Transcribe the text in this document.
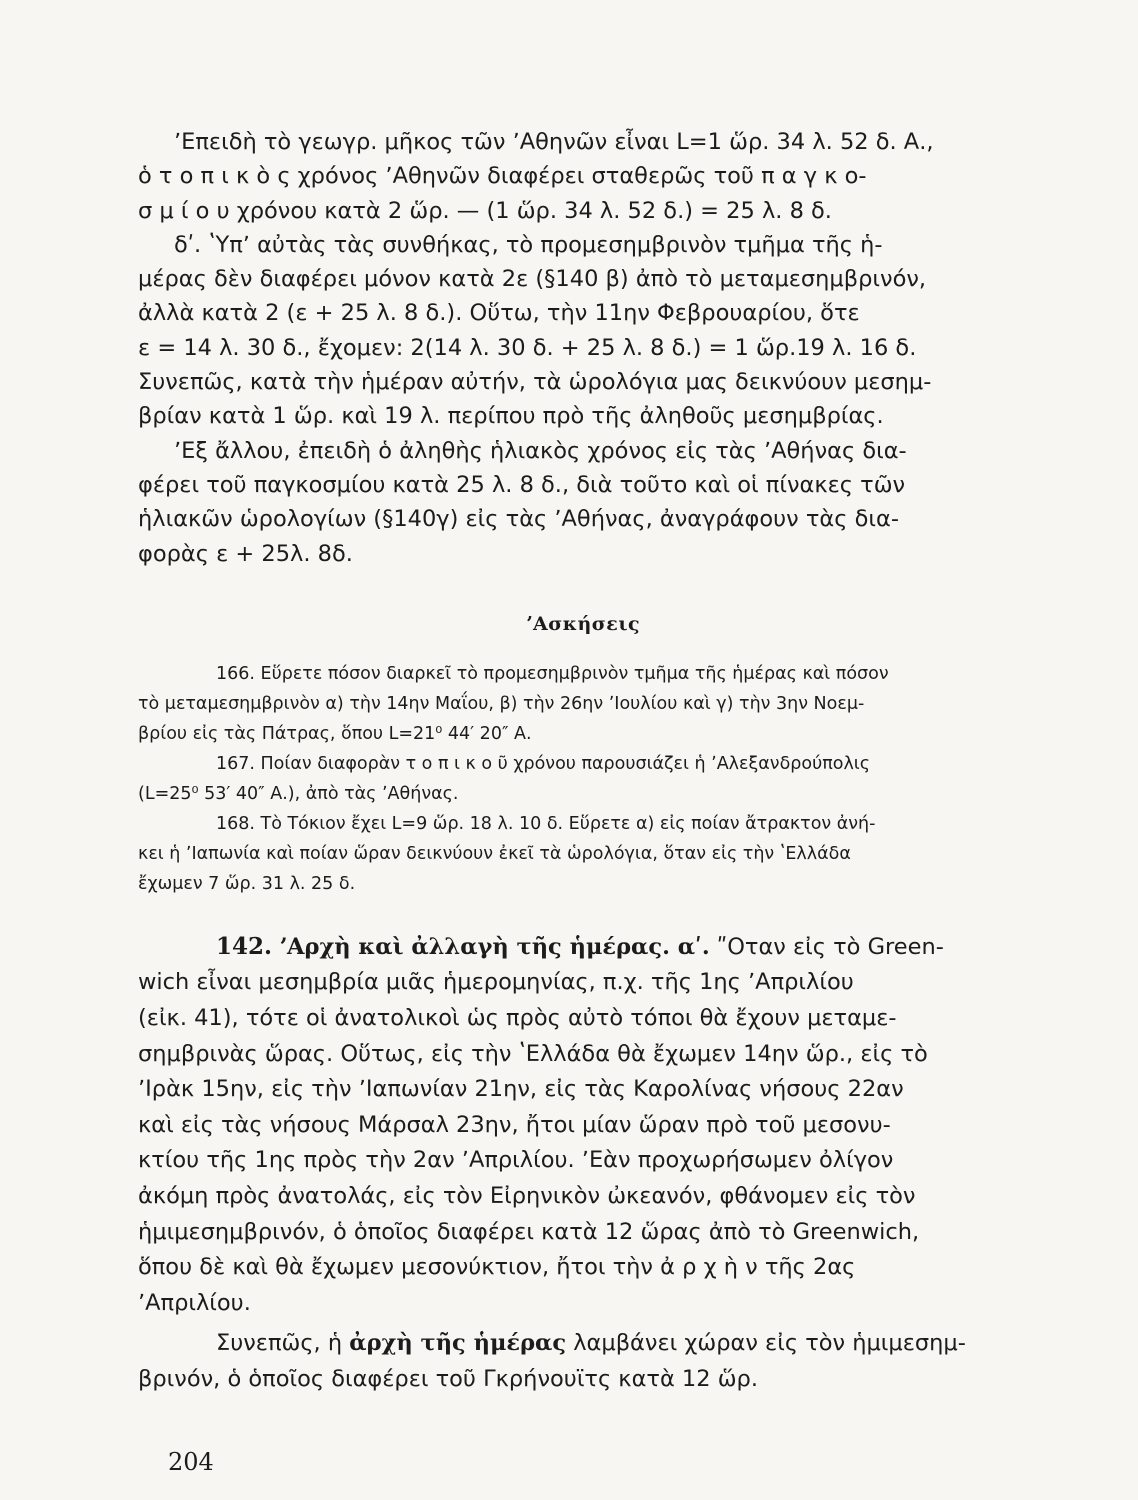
ʼΕπειδὴ τὸ γεωγρ. μῆκος τῶν ʼΑθηνῶν εἶναι L=1 ὥρ. 34 λ. 52 δ. Α.,
ὁ τ ο π ι κ ὸ ς χρόνος ʼΑθηνῶν διαφέρει σταθερῶς τοῦ π α γ κ ο-
σ μ ί ο υ χρόνου κατὰ 2 ὥρ. — (1 ὥρ. 34 λ. 52 δ.) = 25 λ. 8 δ.
δʹ. ʽΥπʼ αὐτὰς τὰς συνθήκας, τὸ προμεσημβρινὸν τμῆμα τῆς ἡ-
μέρας δὲν διαφέρει μόνον κατὰ 2ε (§140 β) ἀπὸ τὸ μεταμεσημβρινόν,
ἀλλὰ κατὰ 2 (ε + 25 λ. 8 δ.). Οὕτω, τὴν 11ην Φεβρουαρίου, ὅτε
ε = 14 λ. 30 δ., ἔχομεν: 2(14 λ. 30 δ. + 25 λ. 8 δ.) = 1 ὥρ.19 λ. 16 δ.
Συνεπῶς, κατὰ τὴν ἡμέραν αὐτήν, τὰ ὡρολόγια μας δεικνύουν μεσημ-
βρίαν κατὰ 1 ὥρ. καὶ 19 λ. περίπου πρὸ τῆς ἀληθοῦς μεσημβρίας.
ʼΕξ ἄλλου, ἐπειδὴ ὁ ἀληθὴς ἡλιακὸς χρόνος εἰς τὰς ʼΑθήνας δια-
φέρει τοῦ παγκοσμίου κατὰ 25 λ. 8 δ., διὰ τοῦτο καὶ οἱ πίνακες τῶν
ἡλιακῶν ὡρολογίων (§140γ) εἰς τὰς ʼΑθήνας, ἀναγράφουν τὰς δια-
φορὰς ε + 25λ. 8δ.

ʼΑσκήσεις

166. Εὕρετε πόσον διαρκεῖ τὸ προμεσημβρινὸν τμῆμα τῆς ἡμέρας καὶ πόσον
τὸ μεταμεσημβρινὸν α) τὴν 14ην Μαΐου, β) τὴν 26ην ʼΙουλίου καὶ γ) τὴν 3ην Νοεμ-
βρίου εἰς τὰς Πάτρας, ὅπου L=21⁰ 44′ 20″ Α.
167. Ποίαν διαφορὰν τ ο π ι κ ο ῦ χρόνου παρουσιάζει ἡ ʼΑλεξανδρούπολις
(L=25⁰ 53′ 40″ Α.), ἀπὸ τὰς ʼΑθήνας.
168. Τὸ Τόκιον ἔχει L=9 ὥρ. 18 λ. 10 δ. Εὕρετε α) εἰς ποίαν ἄτρακτον ἀνή-
κει ἡ ʼΙαπωνία καὶ ποίαν ὥραν δεικνύουν ἐκεῖ τὰ ὡρολόγια, ὅταν εἰς τὴν ʽΕλλάδα
ἔχωμεν 7 ὥρ. 31 λ. 25 δ.

142. ʼΑρχὴ καὶ ἀλλαγὴ τῆς ἡμέρας. αʹ. ʺΟταν εἰς τὸ Green-
wich εἶναι μεσημβρία μιᾶς ἡμερομηνίας, π.χ. τῆς 1ης ʼΑπριλίου
(εἰκ. 41), τότε οἱ ἀνατολικοὶ ὡς πρὸς αὐτὸ τόποι θὰ ἔχουν μεταμε-
σημβρινὰς ὥρας. Οὕτως, εἰς τὴν ʽΕλλάδα θὰ ἔχωμεν 14ην ὥρ., εἰς τὸ
ʼΙρὰκ 15ην, εἰς τὴν ʼΙαπωνίαν 21ην, εἰς τὰς Καρολίνας νήσους 22αν
καὶ εἰς τὰς νήσους Μάρσαλ 23ην, ἤτοι μίαν ὥραν πρὸ τοῦ μεσονυ-
κτίου τῆς 1ης πρὸς τὴν 2αν ʼΑπριλίου. ʼΕὰν προχωρήσωμεν ὀλίγον
ἀκόμη πρὸς ἀνατολάς, εἰς τὸν Εἰρηνικὸν ὠκεανόν, φθάνομεν εἰς τὸν
ἡμιμεσημβρινόν, ὁ ὁποῖος διαφέρει κατὰ 12 ὥρας ἀπὸ τὸ Greenwich,
ὅπου δὲ καὶ θὰ ἔχωμεν μεσονύκτιον, ἤτοι τὴν ἀ ρ χ ὴ ν τῆς 2ας
ʼΑπριλίου.

Συνεπῶς, ἡ ἀρχὴ τῆς ἡμέρας λαμβάνει χώραν εἰς τὸν ἡμιμεσημ-
βρινόν, ὁ ὁποῖος διαφέρει τοῦ Γκρήνουϊτς κατὰ 12 ὥρ.

204
